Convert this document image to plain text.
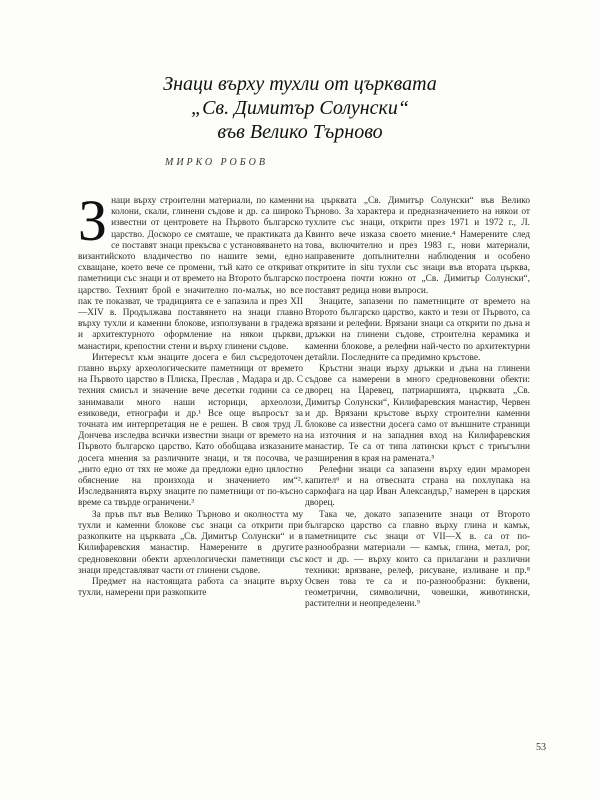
Знаци върху тухли от църквата
„Св. Димитър Солунски“
във Велико Търново
МИРКО РОБОВ

Знаци върху строителни материали, по каменни колони, скали, глинени съдове и др. са широко известни от центровете на Първото българско царство. Доскоро се смяташе, че практиката да се поставят знаци прекъсва с установяването на византийското владичество по нашите земи, едно схващане, което вече се промени, тъй като се откриват паметници със знаци и от времето на Второто българско царство. Техният брой е значително по-малък, но все пак те показват, че традицията се е запазила и през XII—XIV в. Продължава поставянето на знаци главно върху тухли и каменни блокове, използувани в градежа и архитектурното оформление на някои църкви, манастири, крепостни стени и върху глинени съдове.

Интересът към знаците досега е бил съсредоточен главно върху археологическите паметници от времето на Първото царство в Плиска, Преслав , Мадара и др. С техния смисъл и значение вече десетки години са се занимавали много наши историци, археолози, езиковеди, етнографи и др.¹ Все още въпросът за точната им интерпретация не е решен. В своя труд Л. Дончева изследва всички известни знаци от времето на Първото българско царство. Като обобщава изказаните досега мнения за различните знаци, и тя посочва, че „нито едно от тях не може да предложи едно цялостно обяснение на произхода и значението им“². Изследванията върху знаците по паметници от по-късно време са твърде ограничени.³

За пръв път във Велико Търново и околността му тухли и каменни блокове със знаци са открити при разкопките на църквата „Св. Димитър Солунски“ и в Килифаревския манастир. Намерените в другите средновековни обекти археологически паметници със знаци представляват части от глинени съдове.

Предмет на настоящата работа са знаците върху тухли, намерени при разкопките

на църквата „Св. Димитър Солунски“ във Велико Търново. За характера и предназначението на някои от тухлите със знаци, открити през 1971 и 1972 г., Л. Квинто вече изказа своето мнение.⁴ Намерените след това, включително и през 1983 г., нови материали, направените допълнителни наблюдения и особено откритите in situ тухли със знаци във втората църква, построена почти южно от „Св. Димитър Солунски“, поставят редица нови въпроси.

Знаците, запазени по паметниците от времето на Второто българско царство, както и тези от Първото, са врязани и релефни. Врязани знаци са открити по дъна и дръжки на глинени съдове, строителна керамика и каменни блокове, а релефни най-често по архитектурни детайли. Последните са предимно кръстове.

Кръстни знаци върху дръжки и дъна на глинени съдове са намерени в много средновековни обекти: дворец на Царевец, патриаршията, църквата „Св. Димитър Солунски“, Килифаревския манастир, Червен и др. Врязани кръстове върху строителни каменни блокове са известни досега само от външните страници на източния и на западния вход на Килифаревския манастир. Те са от типа латински кръст с триъгълни разширения в края на рамената.⁵

Релефни знаци са запазени върху един мраморен капител⁶ и на отвесната страна на похлупака на саркофага на цар Иван Александър,⁷ намерен в царския дворец.

Така че, докато запазените знаци от Второто българско царство са главно върху глина и камък, паметниците със знаци от VII—X в. са от по-разнообразни материали — камък, глина, метал, рог, кост и др. — върху които са прилагани и различни техники: врязване, релеф, рисуване, изливане и пр.⁸ Освен това те са и по-разнообразни: буквени, геометрични, символични, човешки, животински, растителни и неопределени.⁹

53
